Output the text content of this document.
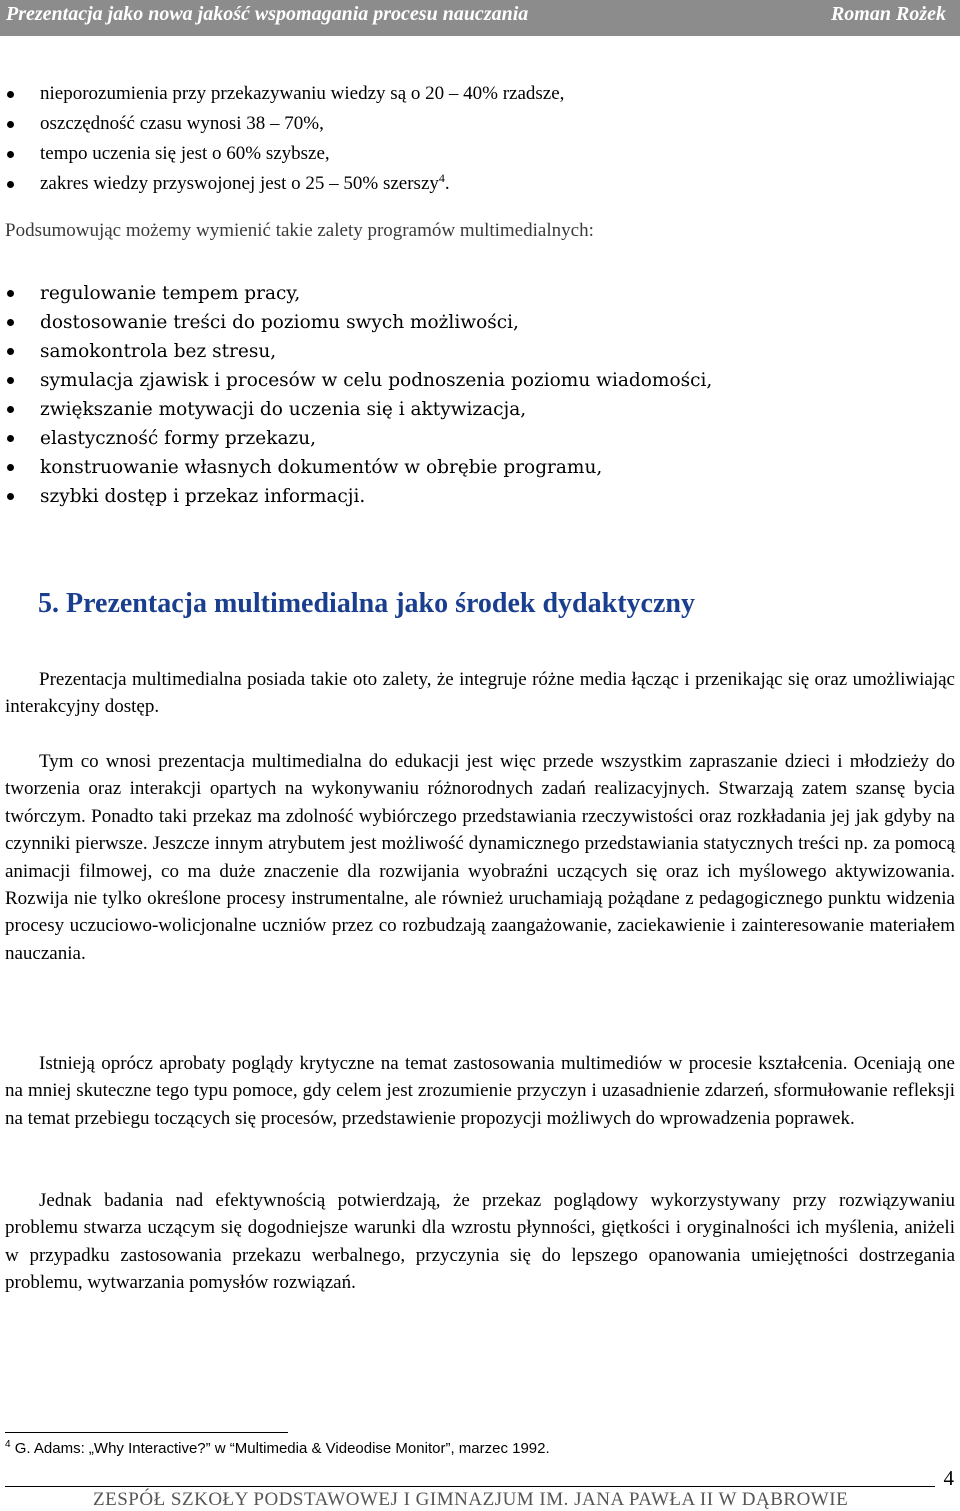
Prezentacja jako nowa jakość wspomagania procesu nauczania	Roman Rożek
nieporozumienia przy przekazywaniu wiedzy są o 20 – 40% rzadsze,
oszczędność czasu wynosi 38 – 70%,
tempo uczenia się jest o 60% szybsze,
zakres wiedzy przyswojonej jest o 25 – 50% szerszy$^4$.
Podsumowując możemy wymienić takie zalety programów multimedialnych:
regulowanie tempem pracy,
dostosowanie treści do poziomu swych możliwości,
samokontrola bez stresu,
symulacja zjawisk i procesów w celu podnoszenia poziomu wiadomości,
zwiększanie motywacji do uczenia się i aktywizacja,
elastyczność formy przekazu,
konstruowanie własnych dokumentów w obrębie programu,
szybki dostęp i przekaz informacji.
5. Prezentacja multimedialna jako środek dydaktyczny

Prezentacja multimedialna posiada takie oto zalety, że integruje różne media łącząc i przenikając się oraz umożliwiając interakcyjny dostęp.

Tym co wnosi prezentacja multimedialna do edukacji jest więc przede wszystkim zapraszanie dzieci i młodzieży do tworzenia oraz interakcji opartych na wykonywaniu różnorodnych zadań realizacyjnych. Stwarzają zatem szansę bycia twórczym. Ponadto taki przekaz ma zdolność wybiórczego przedstawiania rzeczywistości oraz rozkładania jej jak gdyby na czynniki pierwsze. Jeszcze innym atrybutem jest możliwość dynamicznego przedstawiania statycznych treści np. za pomocą animacji filmowej, co ma duże znaczenie dla rozwijania wyobraźni uczących się oraz ich myślowego aktywizowania. Rozwija nie tylko określone procesy instrumentalne, ale również uruchamiają pożądane z pedagogicznego punktu widzenia procesy uczuciowo-wolicjonalne uczniów przez co rozbudzają zaangażowanie, zaciekawienie i zainteresowanie materiałem nauczania.

Istnieją oprócz aprobaty poglądy krytyczne na temat zastosowania multimediów w procesie kształcenia. Oceniają one na mniej skuteczne tego typu pomoce, gdy celem jest zrozumienie przyczyn i uzasadnienie zdarzeń, sformułowanie refleksji na temat przebiegu toczących się procesów, przedstawienie propozycji możliwych do wprowadzenia poprawek.

Jednak badania nad efektywnością potwierdzają, że przekaz poglądowy wykorzystywany przy rozwiązywaniu problemu stwarza uczącym się dogodniejsze warunki dla wzrostu płynności, giętkości i oryginalności ich myślenia, aniżeli w przypadku zastosowania przekazu werbalnego, przyczynia się do lepszego opanowania umiejętności dostrzegania problemu, wytwarzania pomysłów rozwiązań.

$^4$ G. Adams: „Why Interactive?” w “Multimedia & Videodise Monitor”, marzec 1992.
4
ZESPÓŁ SZKOŁY PODSTAWOWEJ I GIMNAZJUM IM. JANA PAWŁA II W DĄBROWIE
